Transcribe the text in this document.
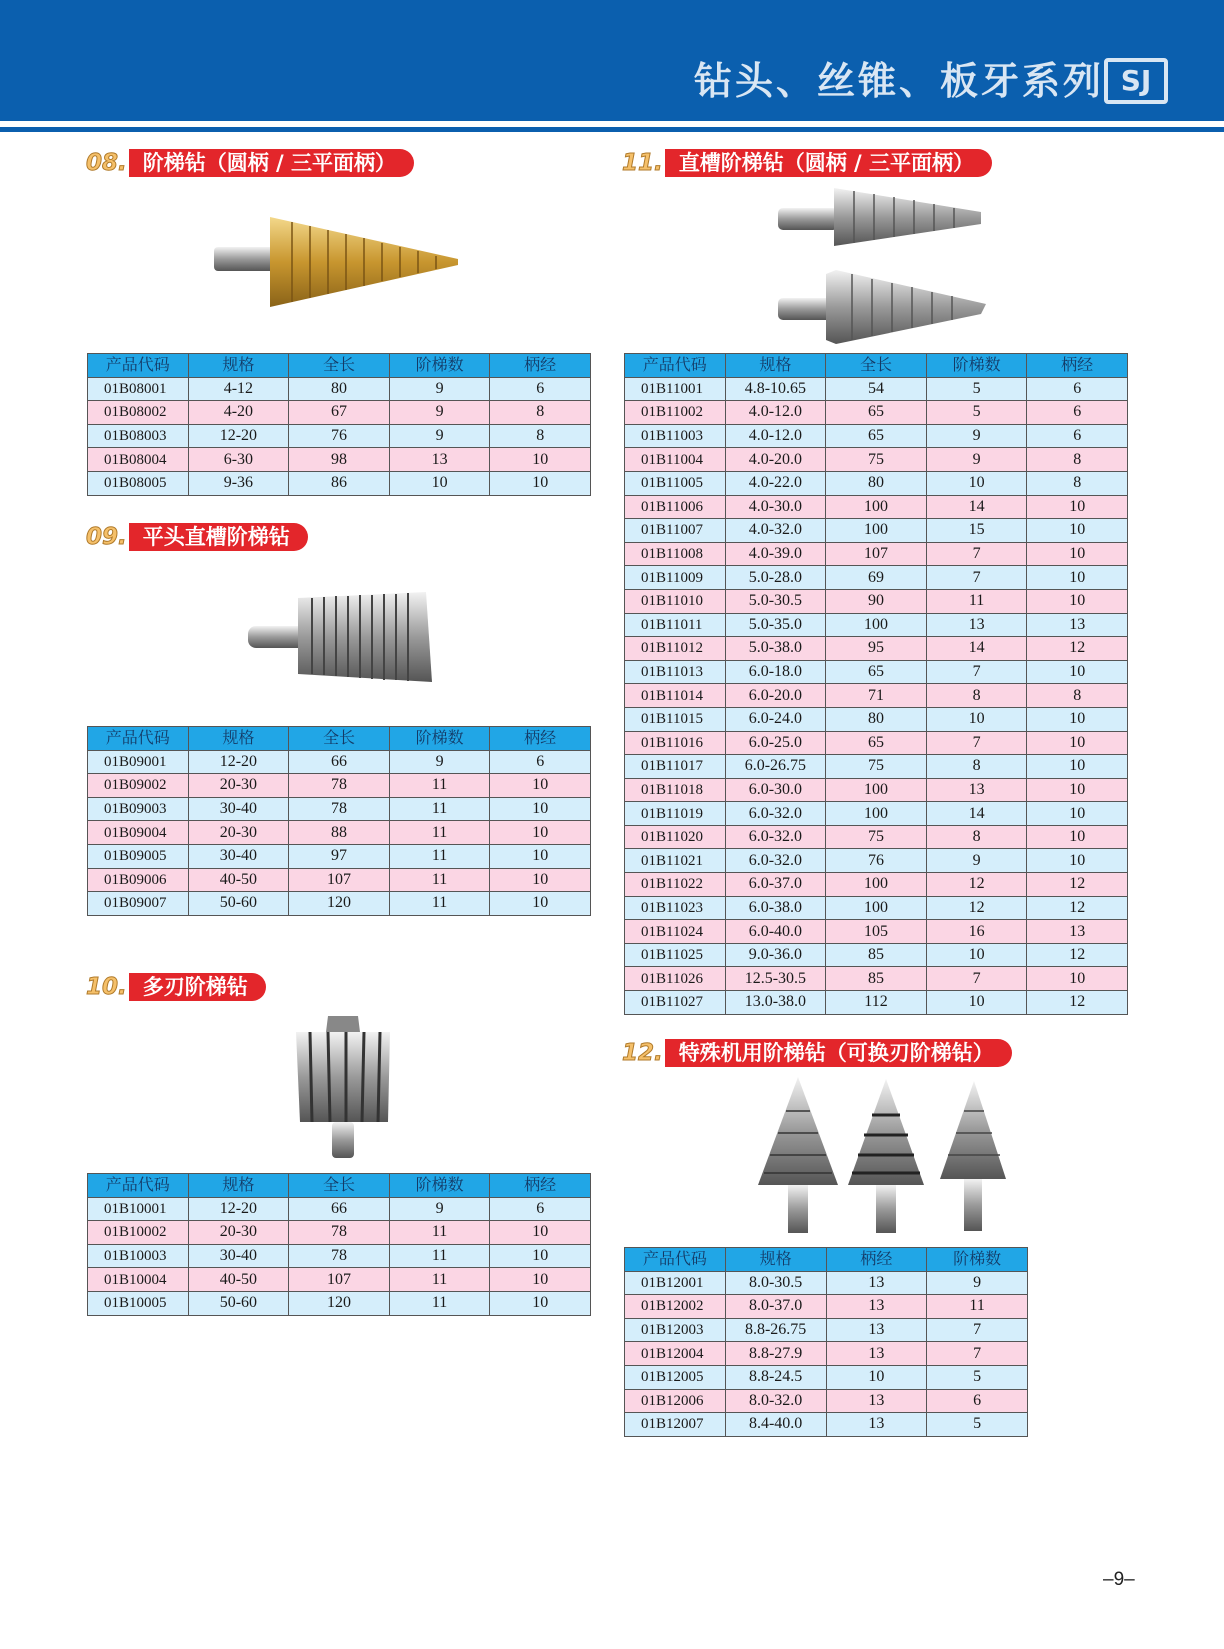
钻头、丝锥、板牙系列 SJ
08. 阶梯钻（圆柄 / 三平面柄）
产品代码	规格	全长	阶梯数	柄经
01B08001	4-12	80	9	6
01B08002	4-20	67	9	8
01B08003	12-20	76	9	8
01B08004	6-30	98	13	10
01B08005	9-36	86	10	10
09. 平头直槽阶梯钻
产品代码	规格	全长	阶梯数	柄经
01B09001	12-20	66	9	6
01B09002	20-30	78	11	10
01B09003	30-40	78	11	10
01B09004	20-30	88	11	10
01B09005	30-40	97	11	10
01B09006	40-50	107	11	10
01B09007	50-60	120	11	10
10. 多刃阶梯钻
产品代码	规格	全长	阶梯数	柄经
01B10001	12-20	66	9	6
01B10002	20-30	78	11	10
01B10003	30-40	78	11	10
01B10004	40-50	107	11	10
01B10005	50-60	120	11	10
11. 直槽阶梯钻（圆柄 / 三平面柄）
产品代码	规格	全长	阶梯数	柄经
01B11001	4.8-10.65	54	5	6
01B11002	4.0-12.0	65	5	6
01B11003	4.0-12.0	65	9	6
01B11004	4.0-20.0	75	9	8
01B11005	4.0-22.0	80	10	8
01B11006	4.0-30.0	100	14	10
01B11007	4.0-32.0	100	15	10
01B11008	4.0-39.0	107	7	10
01B11009	5.0-28.0	69	7	10
01B11010	5.0-30.5	90	11	10
01B11011	5.0-35.0	100	13	13
01B11012	5.0-38.0	95	14	12
01B11013	6.0-18.0	65	7	10
01B11014	6.0-20.0	71	8	8
01B11015	6.0-24.0	80	10	10
01B11016	6.0-25.0	65	7	10
01B11017	6.0-26.75	75	8	10
01B11018	6.0-30.0	100	13	10
01B11019	6.0-32.0	100	14	10
01B11020	6.0-32.0	75	8	10
01B11021	6.0-32.0	76	9	10
01B11022	6.0-37.0	100	12	12
01B11023	6.0-38.0	100	12	12
01B11024	6.0-40.0	105	16	13
01B11025	9.0-36.0	85	10	12
01B11026	12.5-30.5	85	7	10
01B11027	13.0-38.0	112	10	12
12. 特殊机用阶梯钻（可换刃阶梯钻）
产品代码	规格	柄经	阶梯数
01B12001	8.0-30.5	13	9
01B12002	8.0-37.0	13	11
01B12003	8.8-26.75	13	7
01B12004	8.8-27.9	13	7
01B12005	8.8-24.5	10	5
01B12006	8.0-32.0	13	6
01B12007	8.4-40.0	13	5
–9–
